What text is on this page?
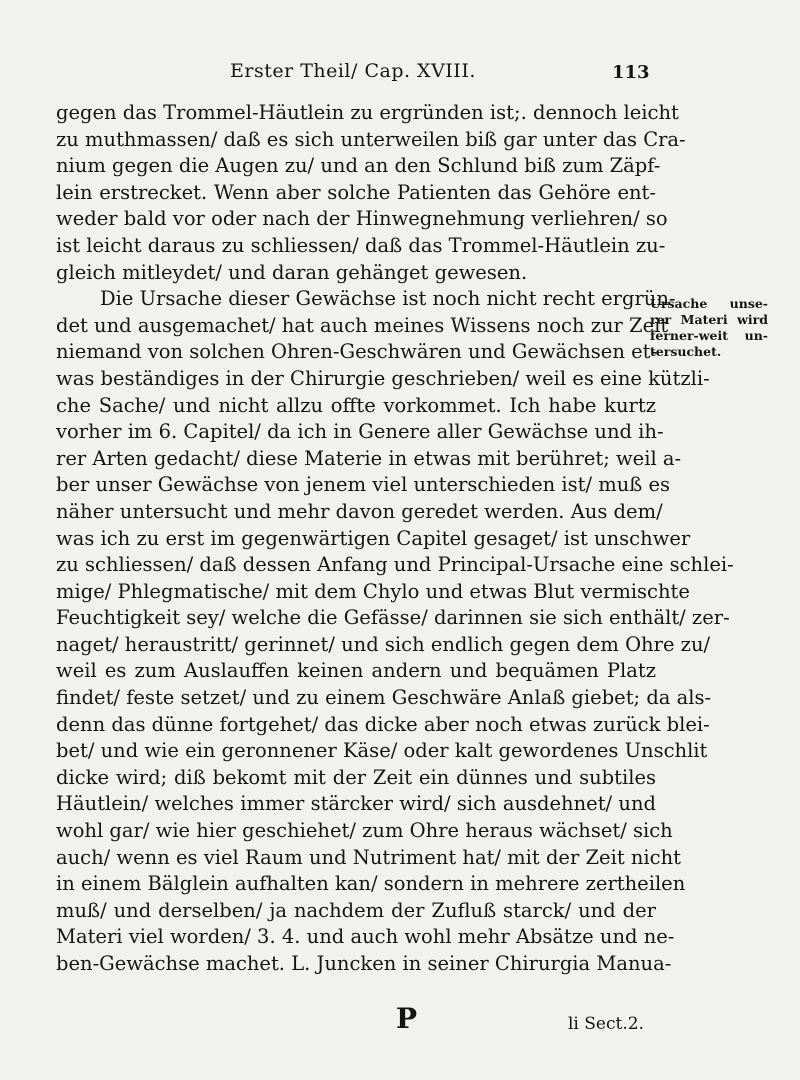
Erster Theil/ Cap. XVIII.	113
gegen das Trommel-Häutlein zu ergründen ist;. dennoch leicht
zu muthmassen/ daß es sich unterweilen biß gar unter das Cra-
nium gegen die Augen zu/ und an den Schlund biß zum Zäpf-
lein erstrecket. Wenn aber solche Patienten das Gehöre ent-
weder bald vor oder nach der Hinwegnehmung verliehren/ so
ist leicht daraus zu schliessen/ daß das Trommel-Häutlein zu-
gleich mitleydet/ und daran gehänget gewesen.
Die Ursache dieser Gewächse ist noch nicht recht ergrün-
det und ausgemachet/ hat auch meines Wissens noch zur Zeit
niemand von solchen Ohren-Geschwären und Gewächsen et-
was beständiges in der Chirurgie geschrieben/ weil es eine kützli-
che Sache/ und nicht allzu offte vorkommet. Ich habe kurtz
vorher im 6. Capitel/ da ich in Genere aller Gewächse und ih-
rer Arten gedacht/ diese Materie in etwas mit berühret; weil a-
ber unser Gewächse von jenem viel unterschieden ist/ muß es
näher untersucht und mehr davon geredet werden. Aus dem/
was ich zu erst im gegenwärtigen Capitel gesaget/ ist unschwer
zu schliessen/ daß dessen Anfang und Principal-Ursache eine schlei-
mige/ Phlegmatische/ mit dem Chylo und etwas Blut vermischte
Feuchtigkeit sey/ welche die Gefässe/ darinnen sie sich enthält/ zer-
naget/ heraustritt/ gerinnet/ und sich endlich gegen dem Ohre zu/
weil es zum Auslauffen keinen andern und bequämen Platz
findet/ feste setzet/ und zu einem Geschwäre Anlaß giebet; da als-
denn das dünne fortgehet/ das dicke aber noch etwas zurück blei-
bet/ und wie ein geronnener Käse/ oder kalt gewordenes Unschlit
dicke wird; diß bekomt mit der Zeit ein dünnes und subtiles
Häutlein/ welches immer stärcker wird/ sich ausdehnet/ und
wohl gar/ wie hier geschiehet/ zum Ohre heraus wächset/ sich
auch/ wenn es viel Raum und Nutriment hat/ mit der Zeit nicht
in einem Bälglein aufhalten kan/ sondern in mehrere zertheilen
muß/ und derselben/ ja nachdem der Zufluß starck/ und der
Materi viel worden/ 3. 4. und auch wohl mehr Absätze und ne-
ben-Gewächse machet. L. Juncken in seiner Chirurgia Manua-
Ursache unse-
rer Materi wird
ferner-weit un-
tersuchet.
P	li Sect.2.
